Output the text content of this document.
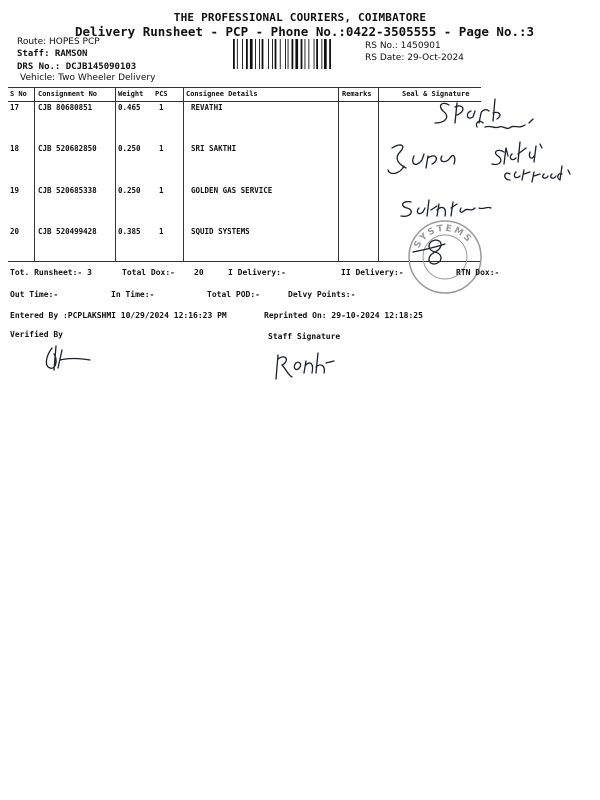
THE PROFESSIONAL COURIERS, COIMBATORE
Delivery Runsheet - PCP - Phone No.:0422-3505555 - Page No.:3
Route: HOPES PCP
Staff: RAMSON
DRS No.: DCJB145090103
Vehicle: Two Wheeler Delivery
RS No.: 1450901
RS Date: 29-Oct-2024
S No Consignment No	Weight PCS	Consignee Details	Remarks	Seal & Signature
17	CJB 80680851	0.465 1	REVATHI
18	CJB 520682850	0.250 1	SRI SAKTHI
19	CJB 520685338	0.250 1	GOLDEN GAS SERVICE
20	CJB 520499428	0.385 1	SQUID SYSTEMS
SYSTEMS
Tot. Runsheet:- 3	Total Dox:- 20	I Delivery:-	II Delivery:-	RTN Dox:-
Out Time:-	In Time:-	Total POD:-	Delvy Points:-
Entered By :PCPLAKSHMI 10/29/2024 12:16:23 PM	Reprinted On: 29-10-2024 12:18:25
Verified By	Staff Signature
